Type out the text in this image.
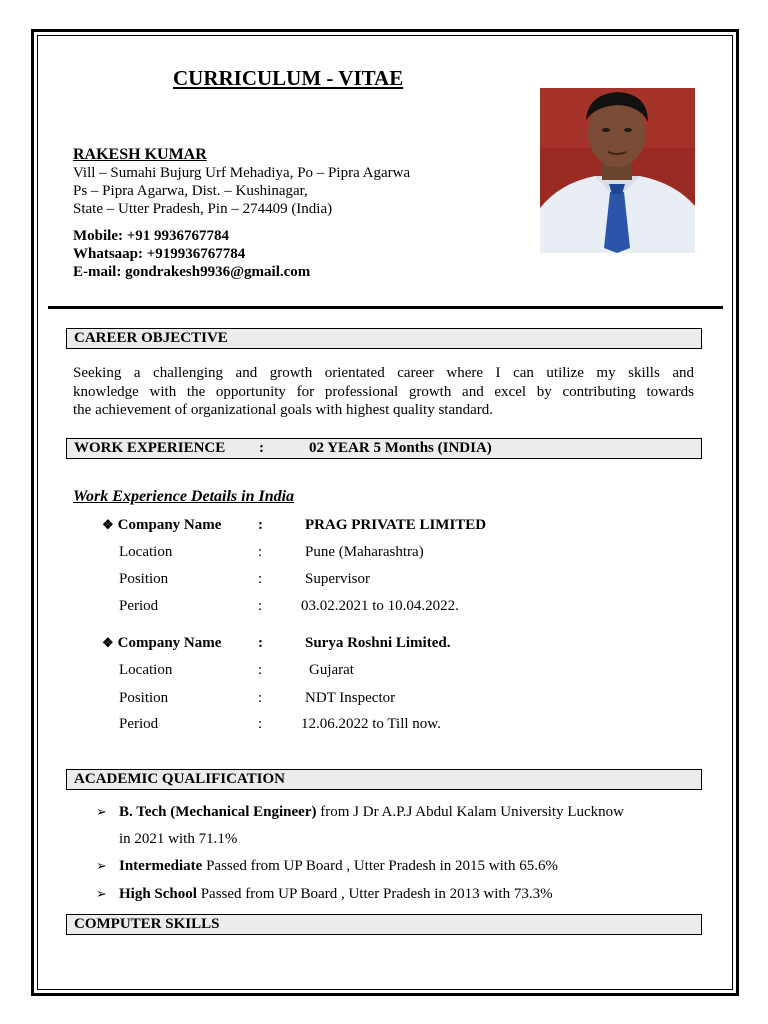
CURRICULUM - VITAE
RAKESH KUMAR
Vill – Sumahi Bujurg Urf Mehadiya, Po – Pipra Agarwa
Ps – Pipra Agarwa, Dist. – Kushinagar,
State – Utter Pradesh, Pin – 274409 (India)
Mobile: +91 9936767784
Whatsaap: +919936767784
E-mail: gondrakesh9936@gmail.com
CAREER OBJECTIVE
Seeking a challenging and growth orientated career where I can utilize my skills and
knowledge with the opportunity for professional growth and excel by contributing towards
the achievement of organizational goals with highest quality standard.
WORK EXPERIENCE :	02 YEAR 5 Months (INDIA)
Work Experience Details in India
❖ Company Name :	PRAG PRIVATE LIMITED
Location	:	Pune (Maharashtra)
Position	:	Supervisor
Period	:	03.02.2021 to 10.04.2022.
❖ Company Name :	Surya Roshni Limited.
Location	:	Gujarat
Position	:	NDT Inspector
Period	:	12.06.2022 to Till now.
ACADEMIC QUALIFICATION
➢ B. Tech (Mechanical Engineer) from J Dr A.P.J Abdul Kalam University Lucknow
in 2021 with 71.1%
➢ Intermediate Passed from UP Board , Utter Pradesh in 2015 with 65.6%
➢ High School Passed from UP Board , Utter Pradesh in 2013 with 73.3%
COMPUTER SKILLS
